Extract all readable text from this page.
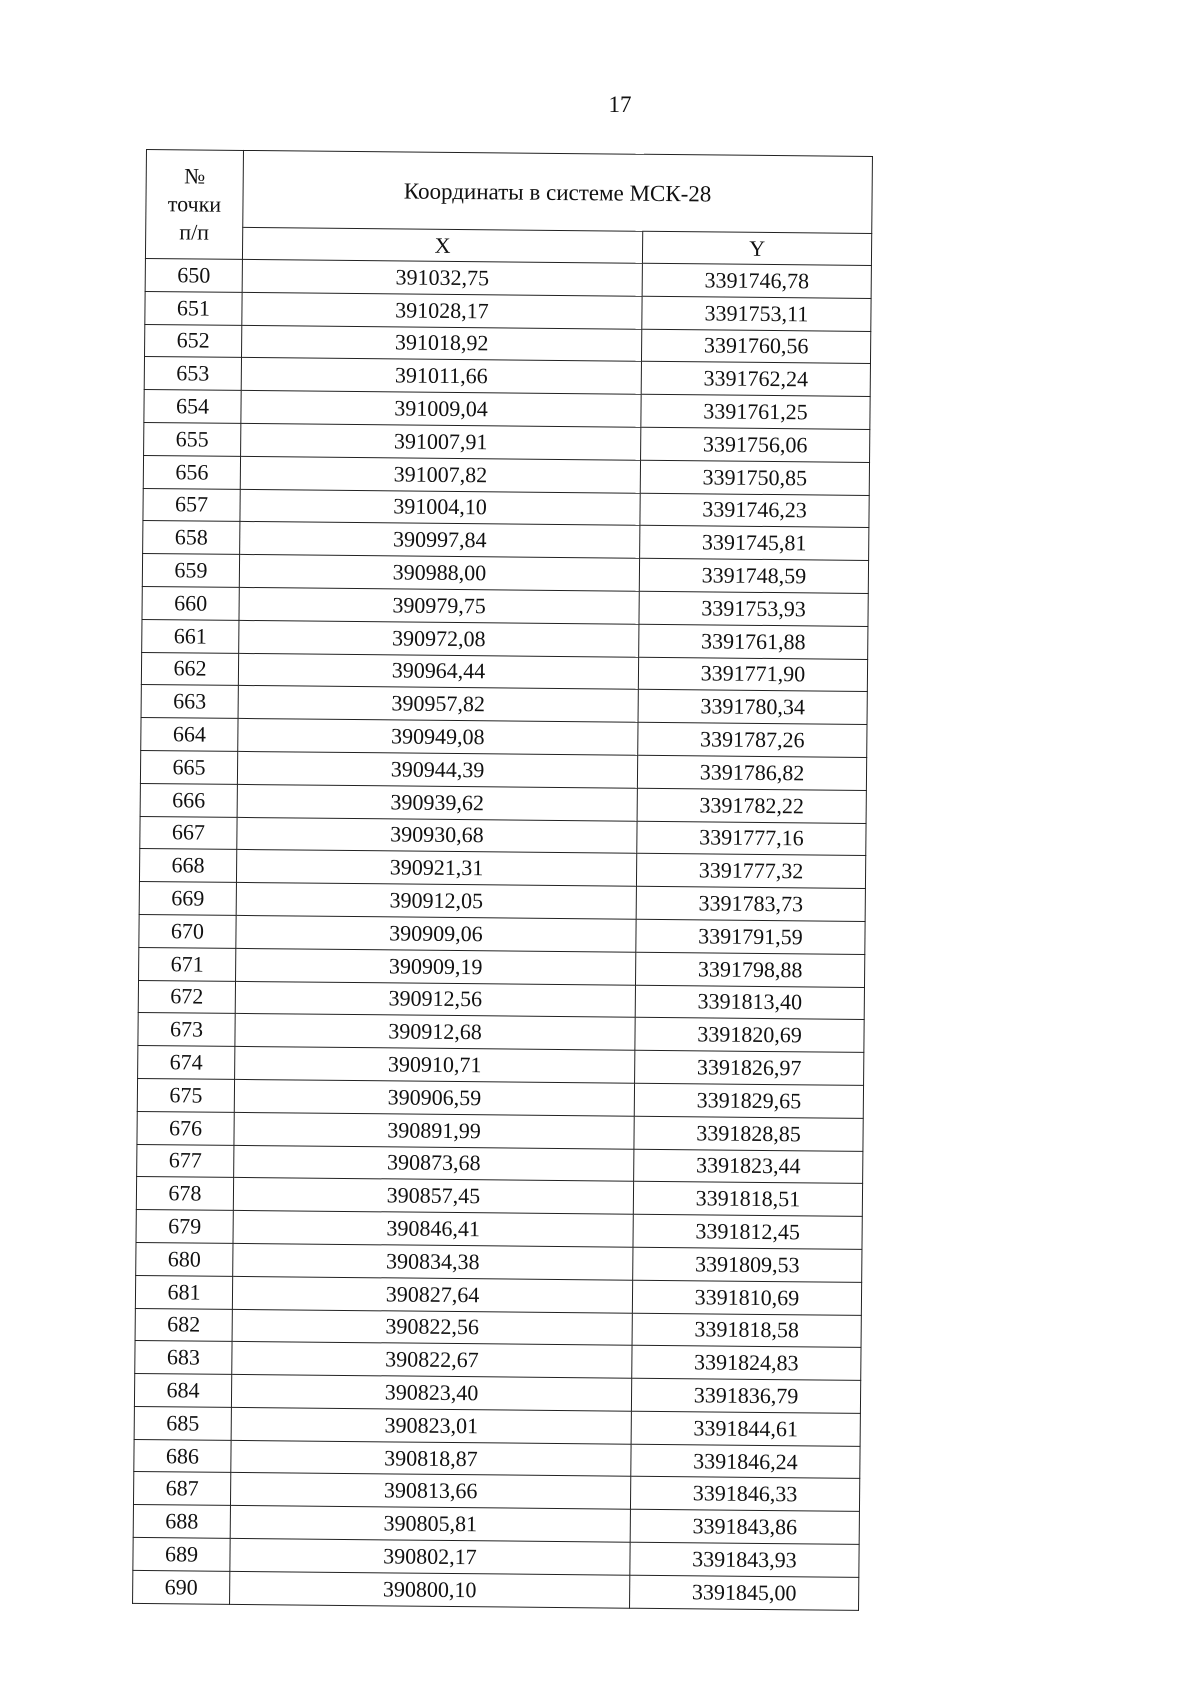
17
№
точки
п/п	Координаты в системе МСК-28	
	X	Y
650	391032,75	3391746,78
651	391028,17	3391753,11
652	391018,92	3391760,56
653	391011,66	3391762,24
654	391009,04	3391761,25
655	391007,91	3391756,06
656	391007,82	3391750,85
657	391004,10	3391746,23
658	390997,84	3391745,81
659	390988,00	3391748,59
660	390979,75	3391753,93
661	390972,08	3391761,88
662	390964,44	3391771,90
663	390957,82	3391780,34
664	390949,08	3391787,26
665	390944,39	3391786,82
666	390939,62	3391782,22
667	390930,68	3391777,16
668	390921,31	3391777,32
669	390912,05	3391783,73
670	390909,06	3391791,59
671	390909,19	3391798,88
672	390912,56	3391813,40
673	390912,68	3391820,69
674	390910,71	3391826,97
675	390906,59	3391829,65
676	390891,99	3391828,85
677	390873,68	3391823,44
678	390857,45	3391818,51
679	390846,41	3391812,45
680	390834,38	3391809,53
681	390827,64	3391810,69
682	390822,56	3391818,58
683	390822,67	3391824,83
684	390823,40	3391836,79
685	390823,01	3391844,61
686	390818,87	3391846,24
687	390813,66	3391846,33
688	390805,81	3391843,86
689	390802,17	3391843,93
690	390800,10	3391845,00
